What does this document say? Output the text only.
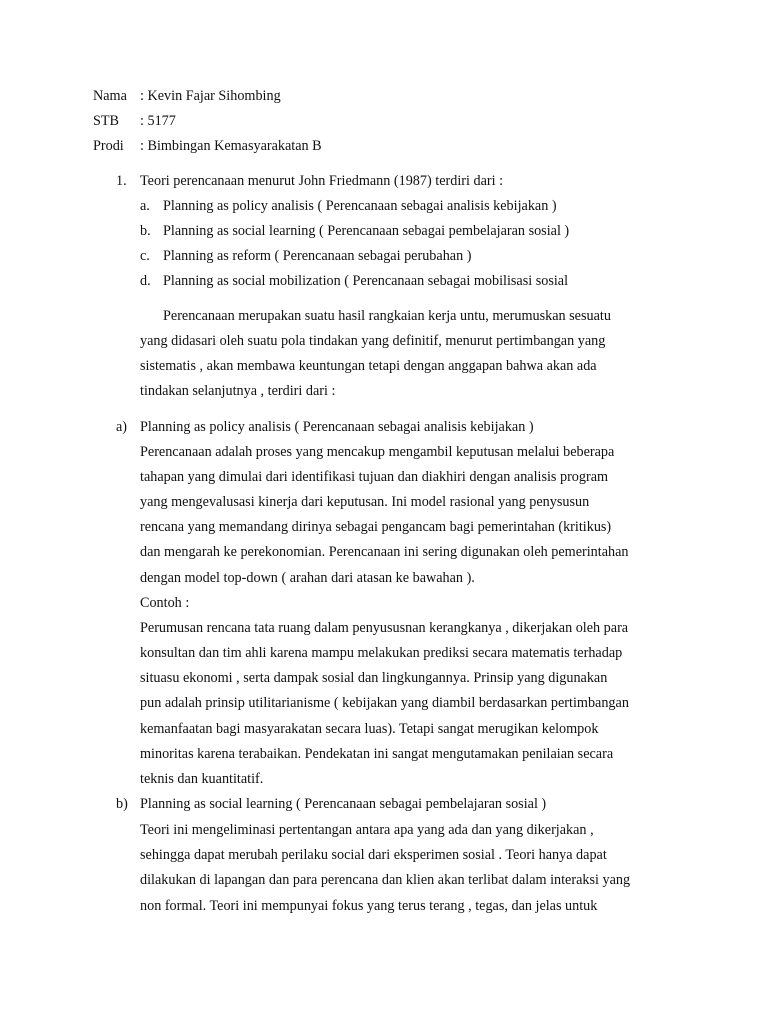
Nama : Kevin Fajar Sihombing
STB : 5177
Prodi : Bimbingan Kemasyarakatan B
1. Teori perencanaan menurut John Friedmann (1987) terdiri dari :
a. Planning as policy analisis ( Perencanaan sebagai analisis kebijakan )
b. Planning as social learning ( Perencanaan sebagai pembelajaran sosial )
c. Planning as reform ( Perencanaan sebagai perubahan )
d. Planning as social mobilization ( Perencanaan sebagai mobilisasi sosial
Perencanaan merupakan suatu hasil rangkaian kerja untu, merumuskan sesuatu
yang didasari oleh suatu pola tindakan yang definitif, menurut pertimbangan yang
sistematis , akan membawa keuntungan tetapi dengan anggapan bahwa akan ada
tindakan selanjutnya , terdiri dari :
a) Planning as policy analisis ( Perencanaan sebagai analisis kebijakan )
Perencanaan adalah proses yang mencakup mengambil keputusan melalui beberapa
tahapan yang dimulai dari identifikasi tujuan dan diakhiri dengan analisis program
yang mengevalusasi kinerja dari keputusan. Ini model rasional yang penysusun
rencana yang memandang dirinya sebagai pengancam bagi pemerintahan (kritikus)
dan mengarah ke perekonomian. Perencanaan ini sering digunakan oleh pemerintahan
dengan model top-down ( arahan dari atasan ke bawahan ).
Contoh :
Perumusan rencana tata ruang dalam penyususnan kerangkanya , dikerjakan oleh para
konsultan dan tim ahli karena mampu melakukan prediksi secara matematis terhadap
situasu ekonomi , serta dampak sosial dan lingkungannya. Prinsip yang digunakan
pun adalah prinsip utilitarianisme ( kebijakan yang diambil berdasarkan pertimbangan
kemanfaatan bagi masyarakatan secara luas). Tetapi sangat merugikan kelompok
minoritas karena terabaikan. Pendekatan ini sangat mengutamakan penilaian secara
teknis dan kuantitatif.
b) Planning as social learning ( Perencanaan sebagai pembelajaran sosial )
Teori ini mengeliminasi pertentangan antara apa yang ada dan yang dikerjakan ,
sehingga dapat merubah perilaku social dari eksperimen sosial . Teori hanya dapat
dilakukan di lapangan dan para perencana dan klien akan terlibat dalam interaksi yang
non formal. Teori ini mempunyai fokus yang terus terang , tegas, dan jelas untuk
